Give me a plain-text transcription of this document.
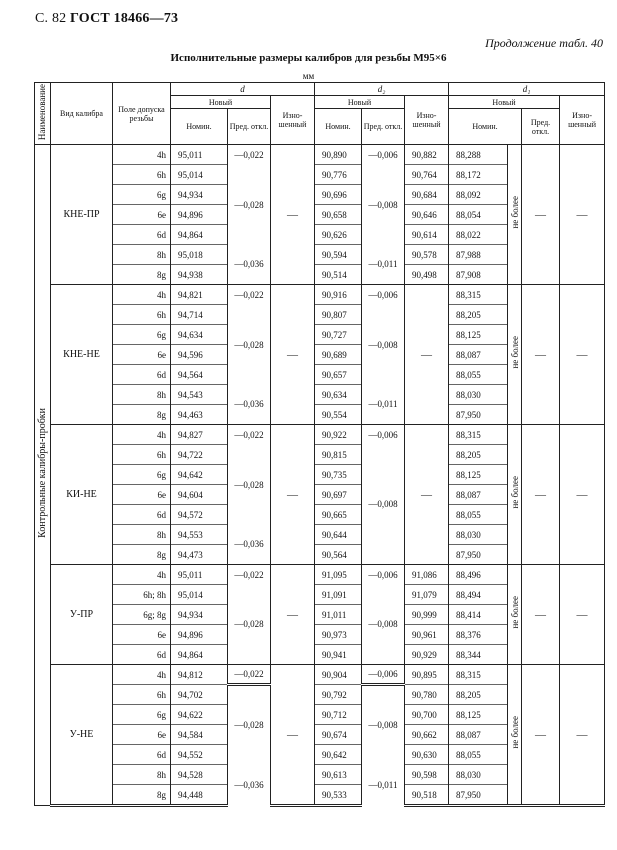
С. 82 ГОСТ 18466—73
Продолжение табл. 40
Исполнительные размеры калибров для резьбы М95×6
мм
Наименование	Вид калибра	Поле допуска резьбы	d			d₂			d₁			
			Новый		Изно-шенный	Новый		Изно-шенный	Новый			Изно-шенный
			Номин.	Пред. откл.		Номин.	Пред. откл.		Номин.		Пред. откл.	
Контрольные калибры-пробки	КНЕ-ПР	4h	95,011	—0,022	—	90,890	—0,006	90,882	88,288	не более	—	—
		6h	95,014	—0,028		90,776	—0,008	90,764	88,172			
		6g	94,934			90,696		90,684	88,092			
		6e	94,896			90,658		90,646	88,054			
		6d	94,864			90,626		90,614	88,022			
		8h	95,018	—0,036		90,594	—0,011	90,578	87,988			
		8g	94,938			90,514		90,498	87,908			
	КНЕ-НЕ	4h	94,821	—0,022	—	90,916	—0,006	—	88,315	не более	—	—
		6h	94,714	—0,028		90,807	—0,008		88,205			
		6g	94,634			90,727			88,125			
		6e	94,596			90,689			88,087			
		6d	94,564			90,657			88,055			
		8h	94,543	—0,036		90,634	—0,011		88,030			
		8g	94,463			90,554			87,950			
	КИ-НЕ	4h	94,827	—0,022	—	90,922	—0,006	—	88,315	не более	—	—
		6h	94,722	—0,028		90,815	—0,008		88,205			
		6g	94,642			90,735			88,125			
		6e	94,604			90,697			88,087			
		6d	94,572			90,665			88,055			
		8h	94,553	—0,036		90,644			88,030			
		8g	94,473			90,564			87,950			
	У-ПР	4h	95,011	—0,022	—	91,095	—0,006	91,086	88,496	не более	—	—
		6h; 8h	95,014	—0,028		91,091	—0,008	91,079	88,494			
		6g; 8g	94,934			91,011		90,999	88,414			
		6e	94,896			90,973		90,961	88,376			
		6d	94,864			90,941		90,929	88,344			
	У-НЕ	4h	94,812	—0,022	—	90,904	—0,006	90,895	88,315	не более	—	—
		6h	94,702	—0,028		90,792	—0,008	90,780	88,205			
		6g	94,622			90,712		90,700	88,125			
		6e	94,584			90,674		90,662	88,087			
		6d	94,552			90,642		90,630	88,055			
		8h	94,528	—0,036		90,613	—0,011	90,598	88,030			
		8g	94,448			90,533		90,518	87,950			
